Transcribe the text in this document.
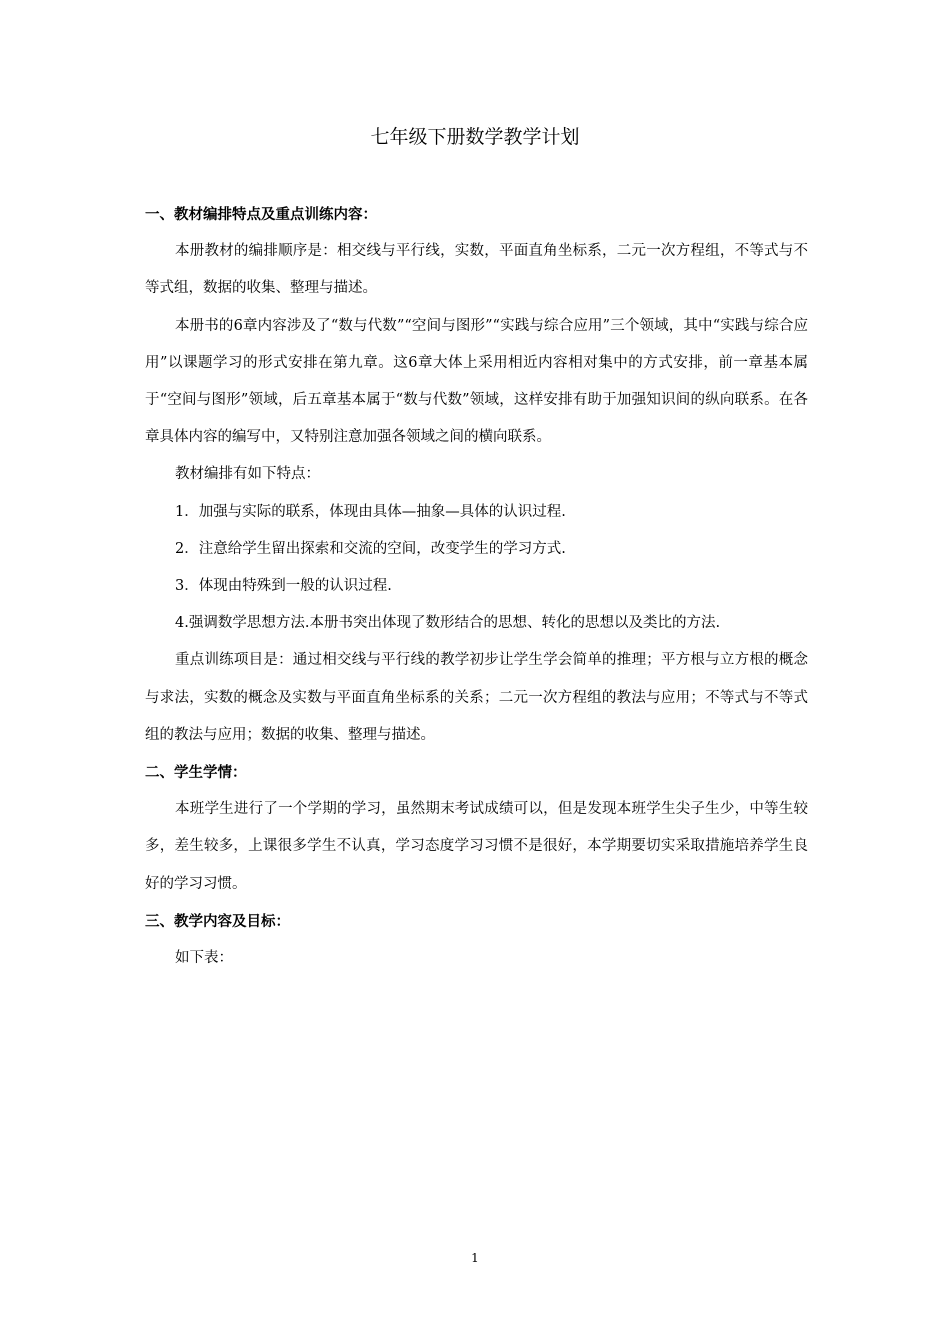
七年级下册数学教学计划

一、教材编排特点及重点训练内容：

本册教材的编排顺序是：相交线与平行线，实数，平面直角坐标系，二元一次方程组，不等式与不等式组，数据的收集、整理与描述。

本册书的6章内容涉及了“数与代数”“空间与图形”“实践与综合应用”三个领域，其中“实践与综合应用”以课题学习的形式安排在第九章。这6章大体上采用相近内容相对集中的方式安排，前一章基本属于“空间与图形”领域，后五章基本属于“数与代数”领域，这样安排有助于加强知识间的纵向联系。在各章具体内容的编写中，又特别注意加强各领域之间的横向联系。

教材编排有如下特点：

1．加强与实际的联系，体现由具体—抽象—具体的认识过程.

2．注意给学生留出探索和交流的空间，改变学生的学习方式.

3．体现由特殊到一般的认识过程.

4.强调数学思想方法.本册书突出体现了数形结合的思想、转化的思想以及类比的方法.

重点训练项目是：通过相交线与平行线的教学初步让学生学会简单的推理；平方根与立方根的概念与求法，实数的概念及实数与平面直角坐标系的关系；二元一次方程组的教法与应用；不等式与不等式组的教法与应用；数据的收集、整理与描述。

二、学生学情：

本班学生进行了一个学期的学习，虽然期末考试成绩可以，但是发现本班学生尖子生少，中等生较多，差生较多，上课很多学生不认真，学习态度学习习惯不是很好，本学期要切实采取措施培养学生良好的学习习惯。

三、教学内容及目标：

如下表：

1
